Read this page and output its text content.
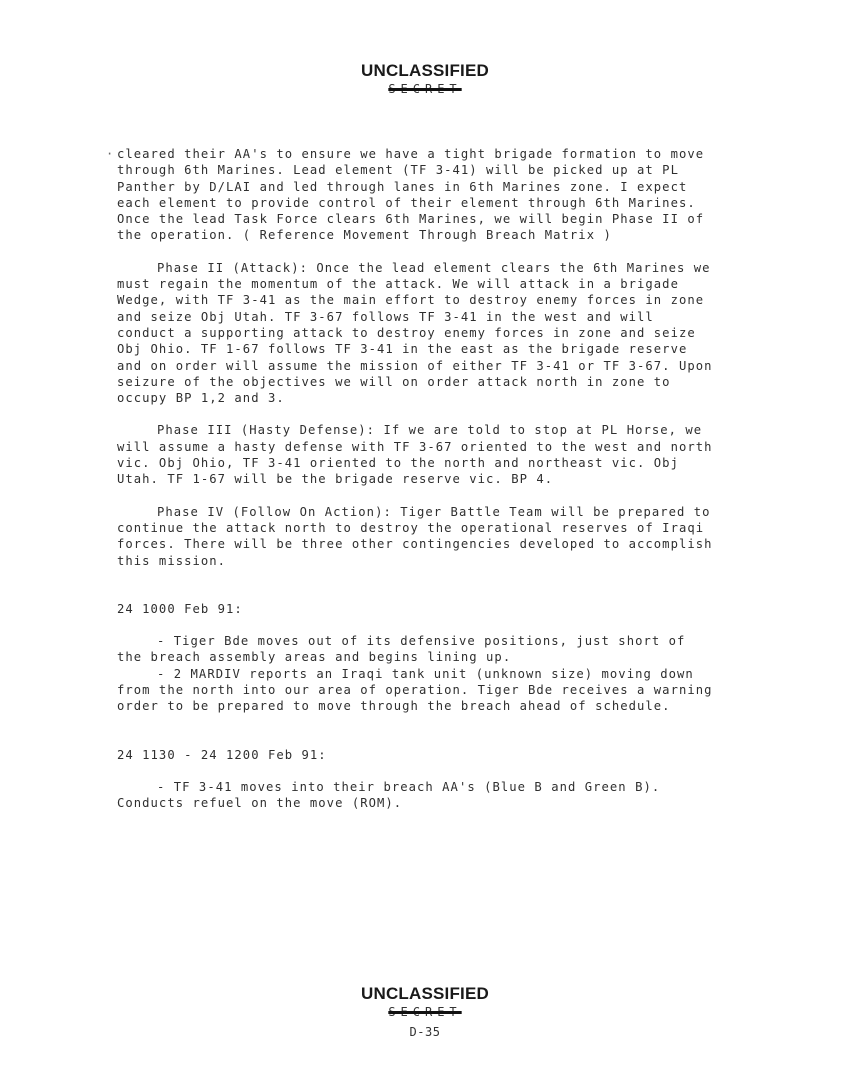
UNCLASSIFIED
SECRET
· cleared their AA's to ensure we have a tight brigade formation to move through 6th Marines. Lead element (TF 3-41) will be picked up at PL Panther by D/LAI and led through lanes in 6th Marines zone. I expect each element to provide control of their element through 6th Marines. Once the lead Task Force clears 6th Marines, we will begin Phase II of the operation. ( Reference Movement Through Breach Matrix )

Phase II (Attack): Once the lead element clears the 6th Marines we must regain the momentum of the attack. We will attack in a brigade Wedge, with TF 3-41 as the main effort to destroy enemy forces in zone and seize Obj Utah. TF 3-67 follows TF 3-41 in the west and will conduct a supporting attack to destroy enemy forces in zone and seize Obj Ohio. TF 1-67 follows TF 3-41 in the east as the brigade reserve and on order will assume the mission of either TF 3-41 or TF 3-67. Upon seizure of the objectives we will on order attack north in zone to occupy BP 1,2 and 3.

Phase III (Hasty Defense): If we are told to stop at PL Horse, we will assume a hasty defense with TF 3-67 oriented to the west and north vic. Obj Ohio, TF 3-41 oriented to the north and northeast vic. Obj Utah. TF 1-67 will be the brigade reserve vic. BP 4.

Phase IV (Follow On Action): Tiger Battle Team will be prepared to continue the attack north to destroy the operational reserves of Iraqi forces. There will be three other contingencies developed to accomplish this mission.

24 1000 Feb 91:

- Tiger Bde moves out of its defensive positions, just short of the breach assembly areas and begins lining up.

- 2 MARDIV reports an Iraqi tank unit (unknown size) moving down from the north into our area of operation. Tiger Bde receives a warning order to be prepared to move through the breach ahead of schedule.

24 1130 - 24 1200 Feb 91:

- TF 3-41 moves into their breach AA's (Blue B and Green B). Conducts refuel on the move (ROM).

UNCLASSIFIED
SECRET
D-35
